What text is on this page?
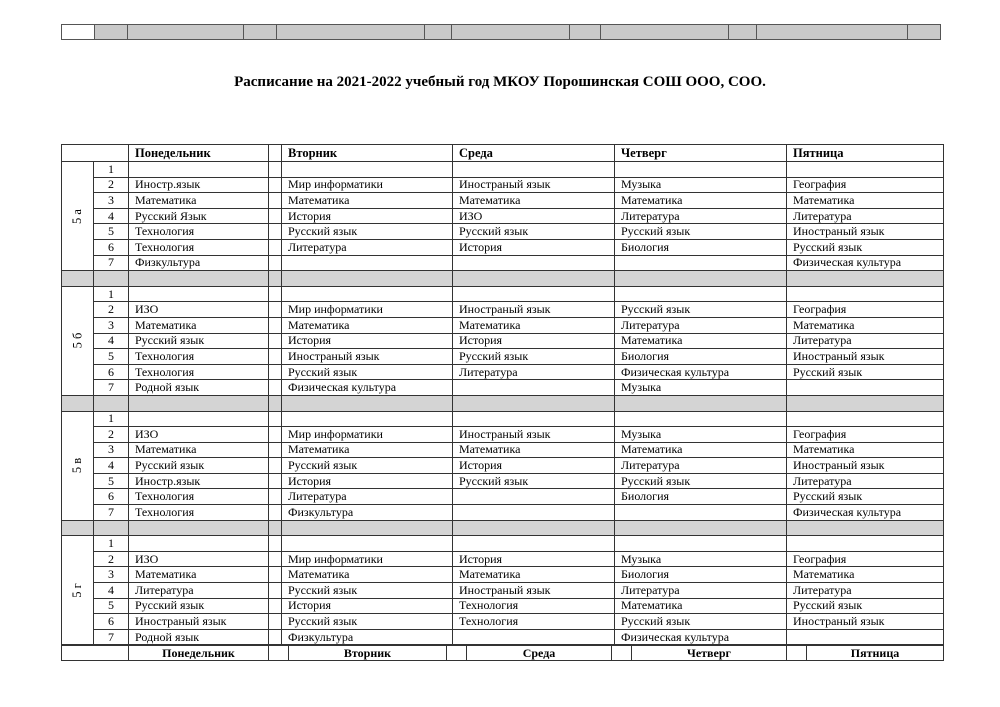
Расписание на 2021-2022 учебный год МКОУ Порошинская СОШ ООО, СОО.
		Понедельник		Вторник	Среда	Четверг	Пятница
5 а	1						
	2	Иностр.язык		Мир информатики	Иностраный язык	Музыка	География
	3	Математика		Математика	Математика	Математика	Математика
	4	Русский Язык		История	ИЗО	Литература	Литература
	5	Технология		Русский язык	Русский язык	Русский язык	Иностраный язык
	6	Технология		Литература	История	Биология	Русский язык
	7	Физкультура					Физическая культура

5 б	1						
	2	ИЗО		Мир информатики	Иностраный язык	Русский язык	География
	3	Математика		Математика	Математика	Литература	Математика
	4	Русский язык		История	История	Математика	Литература
	5	Технология		Иностраный язык	Русский язык	Биология	Иностраный язык
	6	Технология		Русский язык	Литература	Физическая культура	Русский язык
	7	Родной язык		Физическая культура		Музыка	

5 в	1						
	2	ИЗО		Мир информатики	Иностраный язык	Музыка	География
	3	Математика		Математика	Математика	Математика	Математика
	4	Русский язык		Русский язык	История	Литература	Иностраный язык
	5	Иностр.язык		История	Русский язык	Русский язык	Литература
	6	Технология		Литература		Биология	Русский язык
	7	Технология		Физкультура			Физическая культура

5 г	1						
	2	ИЗО		Мир информатики	История	Музыка	География
	3	Математика		Математика	Математика	Биология	Математика
	4	Литература		Русский язык	Иностраный язык	Литература	Литература
	5	Русский язык		История	Технология	Математика	Русский язык
	6	Иностраный язык		Русский язык	Технология	Русский язык	Иностраный язык
	7	Родной язык		Физкультура		Физическая культура	
	Понедельник		Вторник		Среда		Четверг		Пятница
